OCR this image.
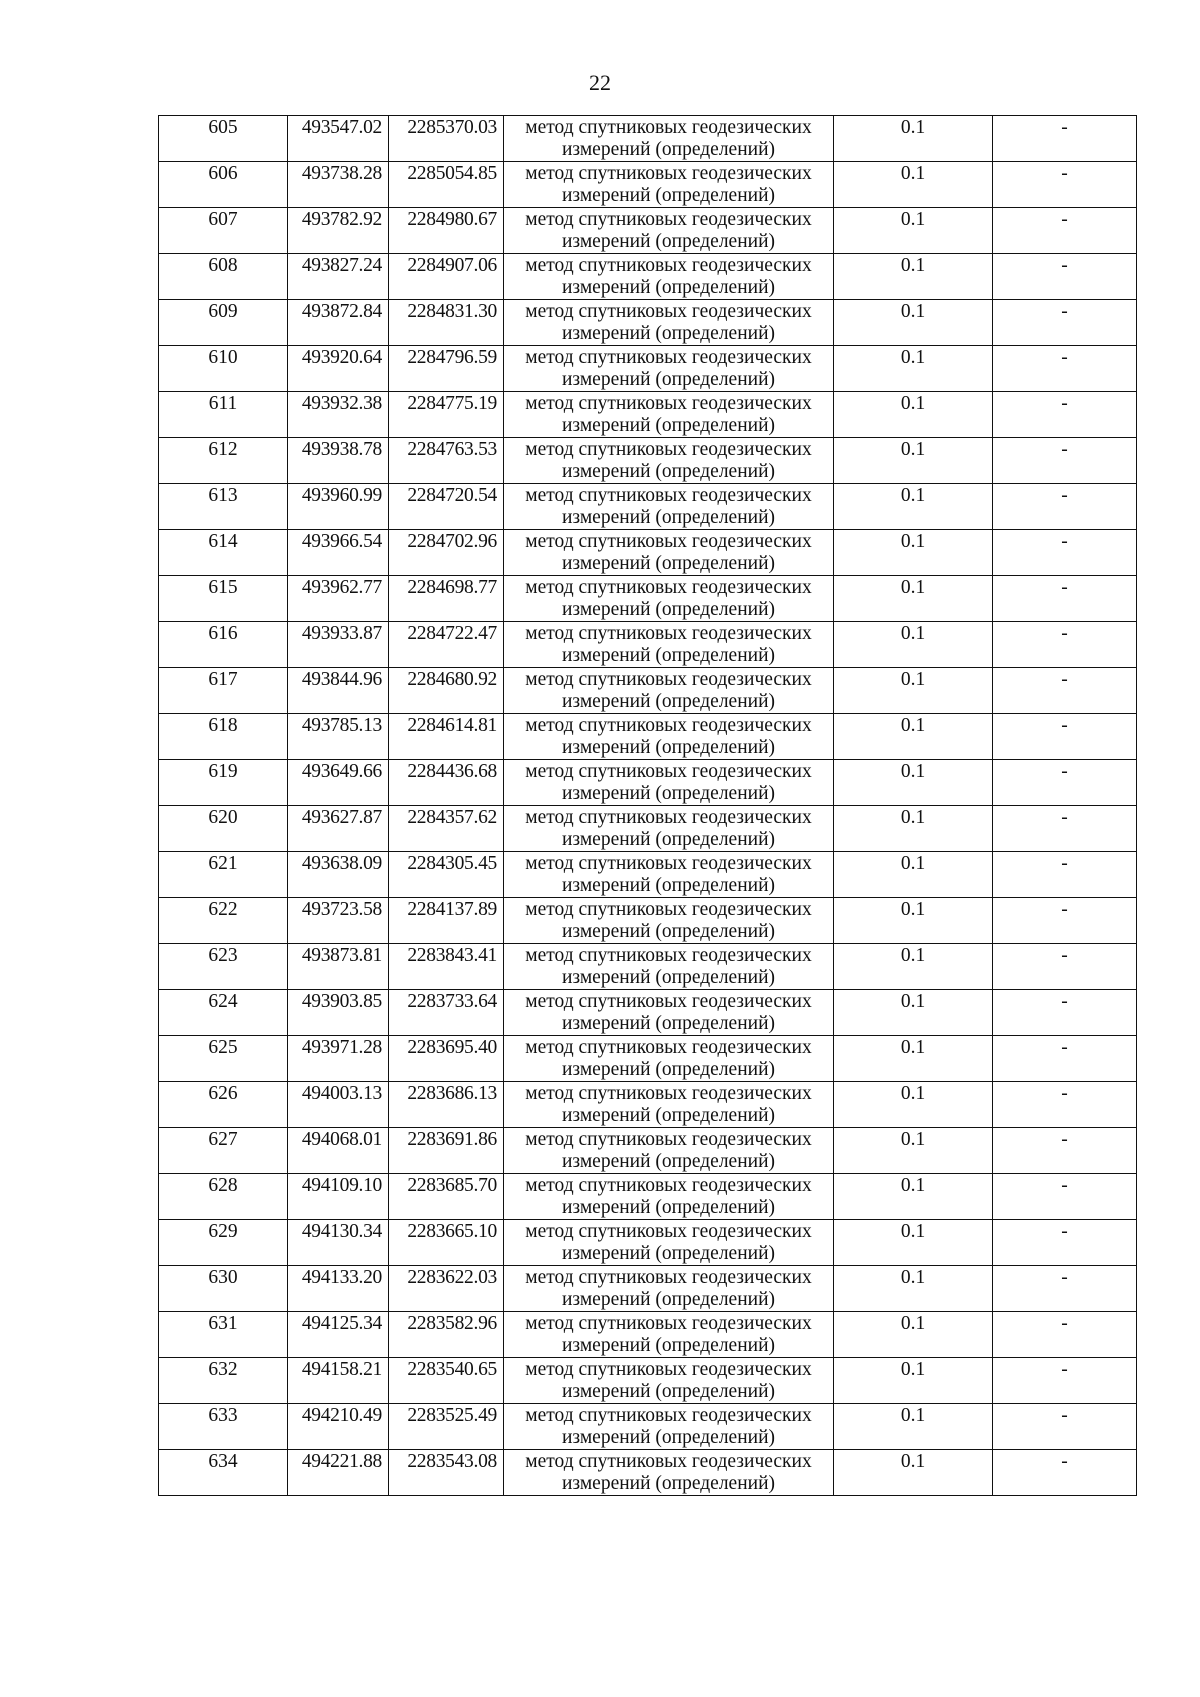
22
605	493547.02	2285370.03	метод спутниковых геодезических измерений (определений)	0.1	-
606	493738.28	2285054.85	метод спутниковых геодезических измерений (определений)	0.1	-
607	493782.92	2284980.67	метод спутниковых геодезических измерений (определений)	0.1	-
608	493827.24	2284907.06	метод спутниковых геодезических измерений (определений)	0.1	-
609	493872.84	2284831.30	метод спутниковых геодезических измерений (определений)	0.1	-
610	493920.64	2284796.59	метод спутниковых геодезических измерений (определений)	0.1	-
611	493932.38	2284775.19	метод спутниковых геодезических измерений (определений)	0.1	-
612	493938.78	2284763.53	метод спутниковых геодезических измерений (определений)	0.1	-
613	493960.99	2284720.54	метод спутниковых геодезических измерений (определений)	0.1	-
614	493966.54	2284702.96	метод спутниковых геодезических измерений (определений)	0.1	-
615	493962.77	2284698.77	метод спутниковых геодезических измерений (определений)	0.1	-
616	493933.87	2284722.47	метод спутниковых геодезических измерений (определений)	0.1	-
617	493844.96	2284680.92	метод спутниковых геодезических измерений (определений)	0.1	-
618	493785.13	2284614.81	метод спутниковых геодезических измерений (определений)	0.1	-
619	493649.66	2284436.68	метод спутниковых геодезических измерений (определений)	0.1	-
620	493627.87	2284357.62	метод спутниковых геодезических измерений (определений)	0.1	-
621	493638.09	2284305.45	метод спутниковых геодезических измерений (определений)	0.1	-
622	493723.58	2284137.89	метод спутниковых геодезических измерений (определений)	0.1	-
623	493873.81	2283843.41	метод спутниковых геодезических измерений (определений)	0.1	-
624	493903.85	2283733.64	метод спутниковых геодезических измерений (определений)	0.1	-
625	493971.28	2283695.40	метод спутниковых геодезических измерений (определений)	0.1	-
626	494003.13	2283686.13	метод спутниковых геодезических измерений (определений)	0.1	-
627	494068.01	2283691.86	метод спутниковых геодезических измерений (определений)	0.1	-
628	494109.10	2283685.70	метод спутниковых геодезических измерений (определений)	0.1	-
629	494130.34	2283665.10	метод спутниковых геодезических измерений (определений)	0.1	-
630	494133.20	2283622.03	метод спутниковых геодезических измерений (определений)	0.1	-
631	494125.34	2283582.96	метод спутниковых геодезических измерений (определений)	0.1	-
632	494158.21	2283540.65	метод спутниковых геодезических измерений (определений)	0.1	-
633	494210.49	2283525.49	метод спутниковых геодезических измерений (определений)	0.1	-
634	494221.88	2283543.08	метод спутниковых геодезических измерений (определений)	0.1	-
